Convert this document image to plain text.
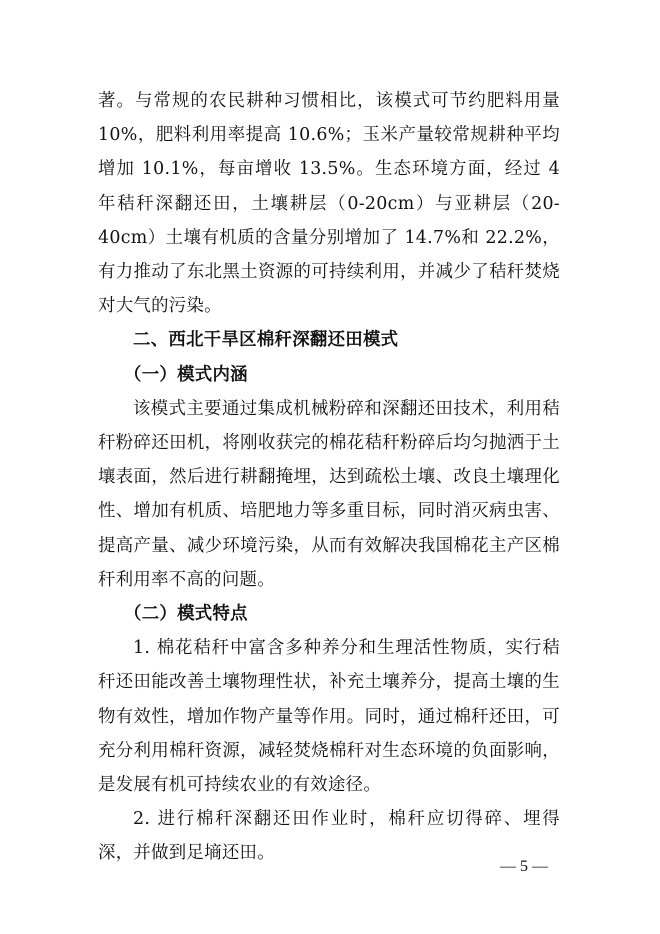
著。与常规的农民耕种习惯相比，该模式可节约肥料用量10%，肥料利用率提高 10.6%；玉米产量较常规耕种平均增加 10.1%，每亩增收 13.5%。生态环境方面，经过 4 年秸秆深翻还田，土壤耕层（0-20cm）与亚耕层（20-40cm）土壤有机质的含量分别增加了 14.7%和 22.2%，有力推动了东北黑土资源的可持续利用，并减少了秸秆焚烧对大气的污染。

二、西北干旱区棉秆深翻还田模式

（一）模式内涵

该模式主要通过集成机械粉碎和深翻还田技术，利用秸秆粉碎还田机，将刚收获完的棉花秸秆粉碎后均匀抛洒于土壤表面，然后进行耕翻掩埋，达到疏松土壤、改良土壤理化性、增加有机质、培肥地力等多重目标，同时消灭病虫害、提高产量、减少环境污染，从而有效解决我国棉花主产区棉秆利用率不高的问题。

（二）模式特点

1. 棉花秸秆中富含多种养分和生理活性物质，实行秸秆还田能改善土壤物理性状，补充土壤养分，提高土壤的生物有效性，增加作物产量等作用。同时，通过棉秆还田，可充分利用棉秆资源，减轻焚烧棉秆对生态环境的负面影响，是发展有机可持续农业的有效途径。

2. 进行棉秆深翻还田作业时，棉秆应切得碎、埋得深，并做到足墒还田。

— 5 —
